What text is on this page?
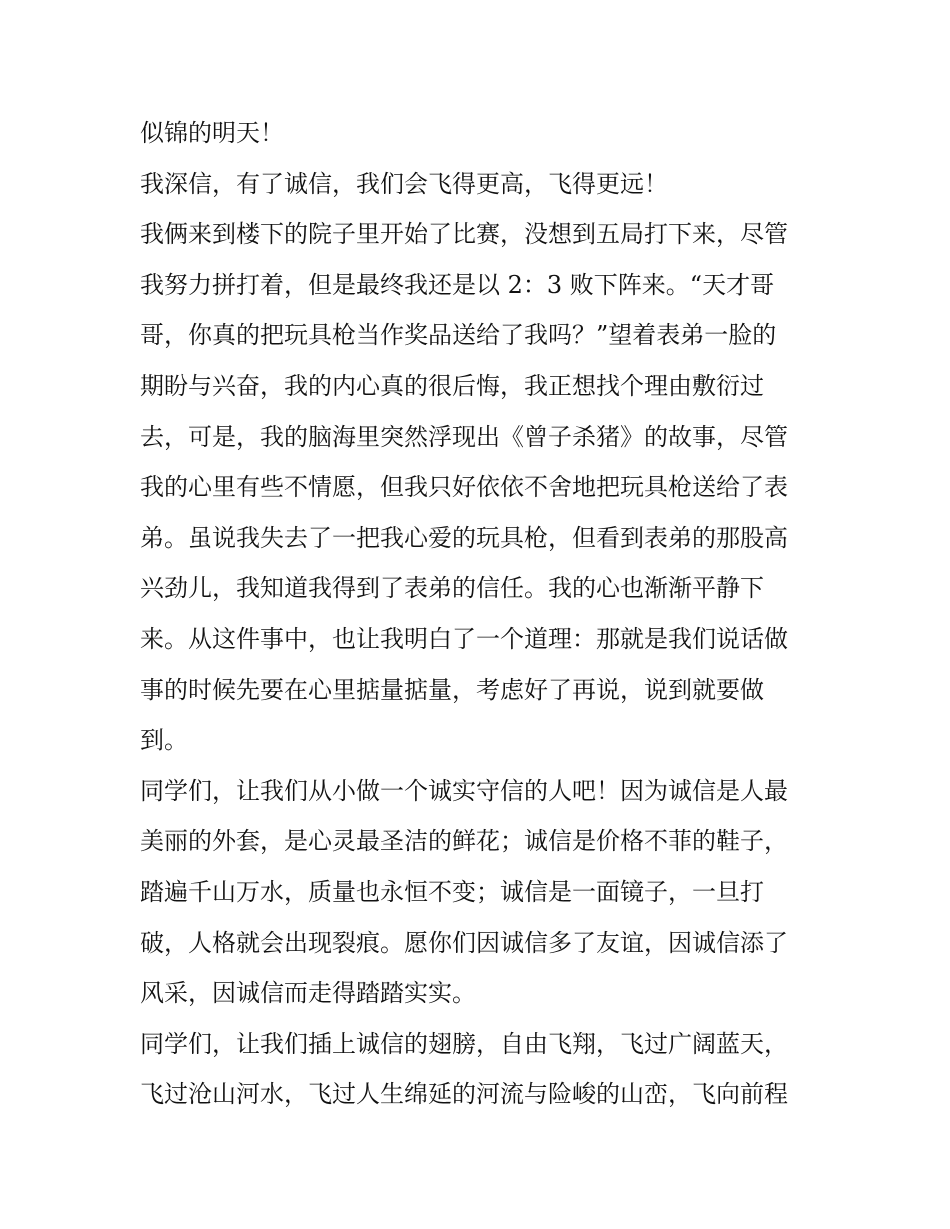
似锦的明天！

我深信，有了诚信，我们会飞得更高，飞得更远！

我俩来到楼下的院子里开始了比赛，没想到五局打下来，尽管
我努力拼打着，但是最终我还是以 2：3 败下阵来。“天才哥
哥，你真的把玩具枪当作奖品送给了我吗？”望着表弟一脸的
期盼与兴奋，我的内心真的很后悔，我正想找个理由敷衍过
去，可是，我的脑海里突然浮现出《曾子杀猪》的故事，尽管
我的心里有些不情愿，但我只好依依不舍地把玩具枪送给了表
弟。虽说我失去了一把我心爱的玩具枪，但看到表弟的那股高
兴劲儿，我知道我得到了表弟的信任。我的心也渐渐平静下
来。从这件事中，也让我明白了一个道理：那就是我们说话做
事的时候先要在心里掂量掂量，考虑好了再说，说到就要做
到。

同学们，让我们从小做一个诚实守信的人吧！因为诚信是人最
美丽的外套，是心灵最圣洁的鲜花；诚信是价格不菲的鞋子，
踏遍千山万水，质量也永恒不变；诚信是一面镜子，一旦打
破，人格就会出现裂痕。愿你们因诚信多了友谊，因诚信添了
风采，因诚信而走得踏踏实实。

同学们，让我们插上诚信的翅膀，自由飞翔，飞过广阔蓝天，
飞过沧山河水，飞过人生绵延的河流与险峻的山峦，飞向前程
